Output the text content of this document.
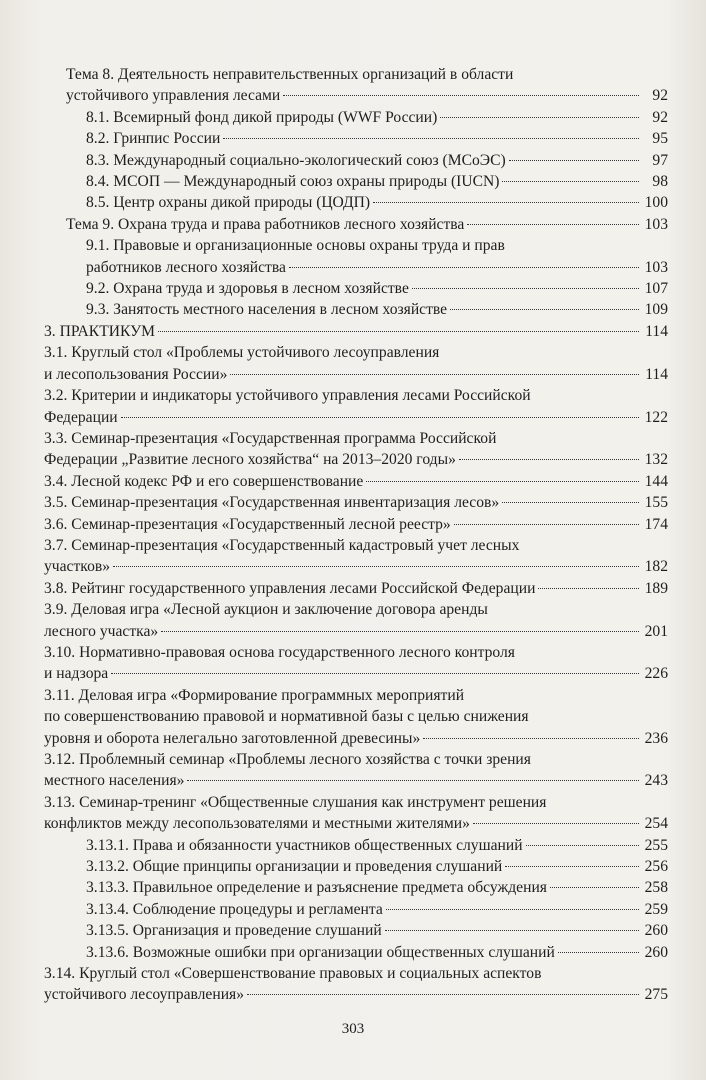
Тема 8. Деятельность неправительственных организаций в области
устойчивого управления лесами	92
8.1. Всемирный фонд дикой природы (WWF России)	92
8.2. Гринпис России	95
8.3. Международный социально-экологический союз (МСоЭС)	97
8.4. МСОП — Международный союз охраны природы (IUCN)	98
8.5. Центр охраны дикой природы (ЦОДП)	100
Тема 9. Охрана труда и права работников лесного хозяйства	103
9.1. Правовые и организационные основы охраны труда и прав
работников лесного хозяйства	103
9.2. Охрана труда и здоровья в лесном хозяйстве	107
9.3. Занятость местного населения в лесном хозяйстве	109
3. ПРАКТИКУМ	114
3.1. Круглый стол «Проблемы устойчивого лесоуправления
и лесопользования России»	114
3.2. Критерии и индикаторы устойчивого управления лесами Российской
Федерации	122
3.3. Семинар-презентация «Государственная программа Российской
Федерации „Развитие лесного хозяйства“ на 2013–2020 годы»	132
3.4. Лесной кодекс РФ и его совершенствование	144
3.5. Семинар-презентация «Государственная инвентаризация лесов»	155
3.6. Семинар-презентация «Государственный лесной реестр»	174
3.7. Семинар-презентация «Государственный кадастровый учет лесных
участков»	182
3.8. Рейтинг государственного управления лесами Российской Федерации	189
3.9. Деловая игра «Лесной аукцион и заключение договора аренды
лесного участка»	201
3.10. Нормативно-правовая основа государственного лесного контроля
и надзора	226
3.11. Деловая игра «Формирование программных мероприятий
по совершенствованию правовой и нормативной базы с целью снижения
уровня и оборота нелегально заготовленной древесины»	236
3.12. Проблемный семинар «Проблемы лесного хозяйства с точки зрения
местного населения»	243
3.13. Семинар-тренинг «Общественные слушания как инструмент решения
конфликтов между лесопользователями и местными жителями»	254
3.13.1. Права и обязанности участников общественных слушаний	255
3.13.2. Общие принципы организации и проведения слушаний	256
3.13.3. Правильное определение и разъяснение предмета обсуждения	258
3.13.4. Соблюдение процедуры и регламента	259
3.13.5. Организация и проведение слушаний	260
3.13.6. Возможные ошибки при организации общественных слушаний	260
3.14. Круглый стол «Совершенствование правовых и социальных аспектов
устойчивого лесоуправления»	275
303
